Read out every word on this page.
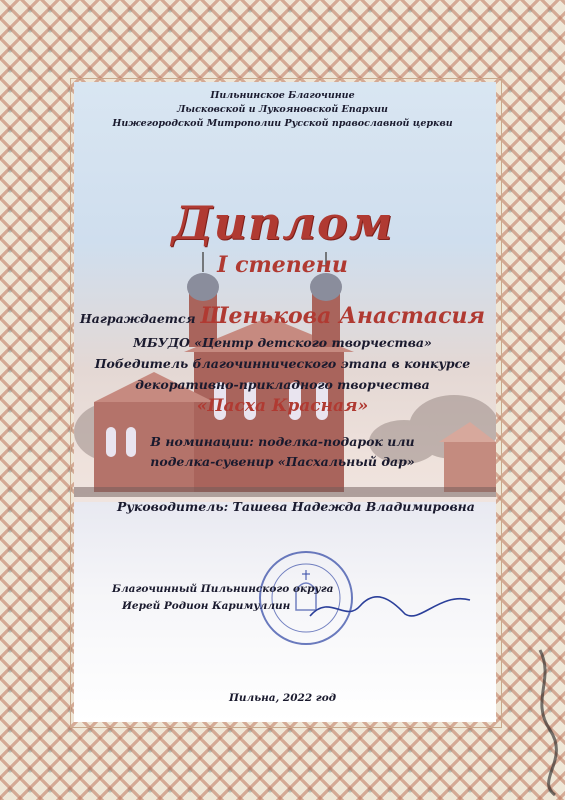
Пильнинское Благочиние
Лысковской и Лукояновской Епархии
Нижегородской Митрополии Русской православной церкви
Диплом
I степени
Награждается Шенькова Анастасия
МБУДО «Центр детского творчества»
Победитель благочиннического этапа в конкурсе
декоративно-прикладного творчества
«Пасха Красная»
В номинации: поделка-подарок или
поделка-сувенир «Пасхальный дар»
Руководитель: Ташева Надежда Владимировна
Благочинный Пильнинского округа
Иерей Родион Каримуллин
Пильна, 2022 год
